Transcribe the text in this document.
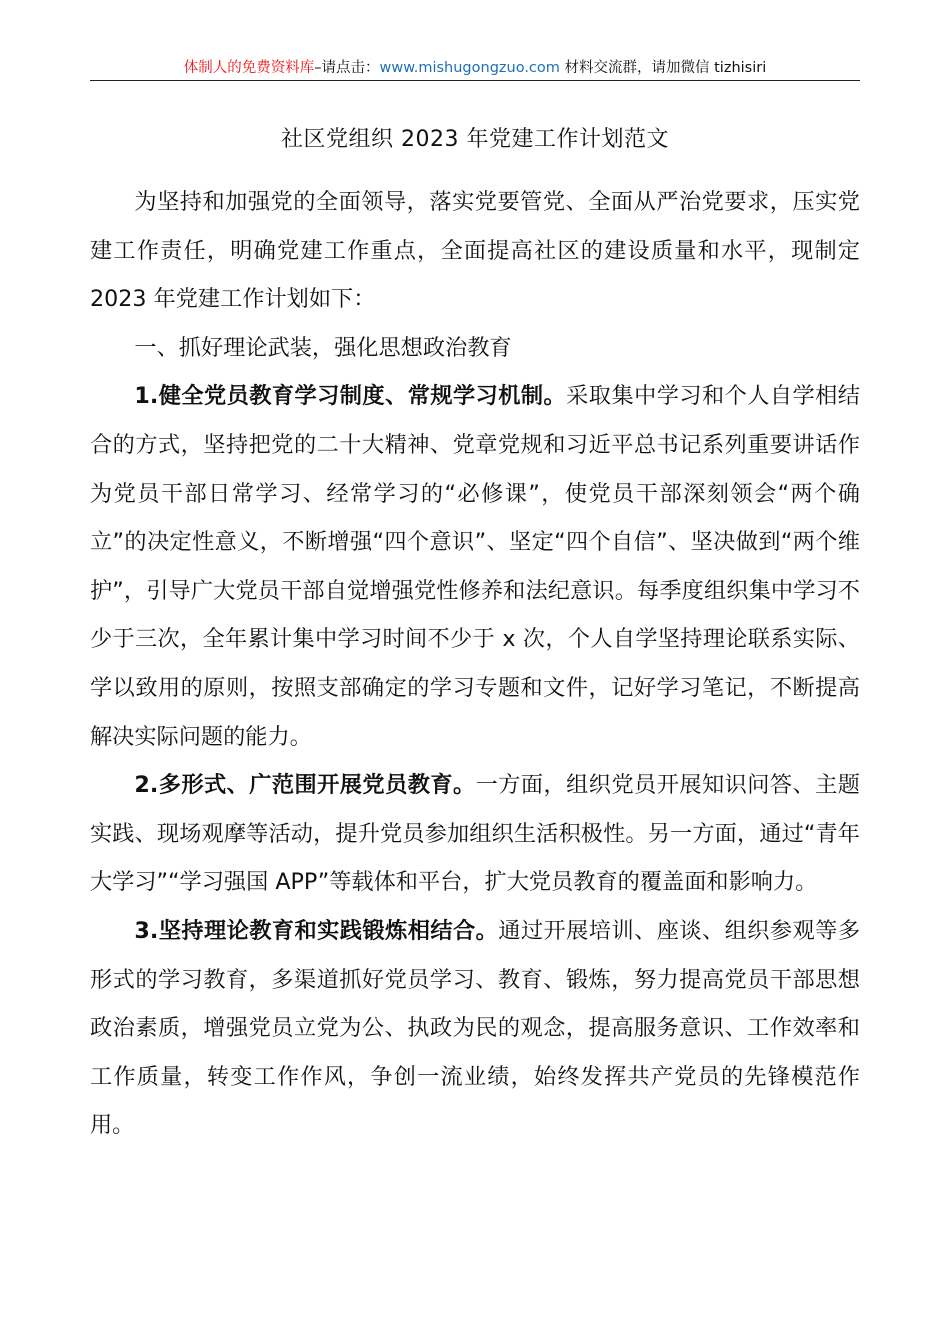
体制人的免费资料库–请点击：www.mishugongzuo.com 材料交流群，请加微信 tizhisiri
社区党组织 2023 年党建工作计划范文

为坚持和加强党的全面领导，落实党要管党、全面从严治党要求，压实党建工作责任，明确党建工作重点，全面提高社区的建设质量和水平，现制定 2023 年党建工作计划如下：

一、抓好理论武装，强化思想政治教育

1.健全党员教育学习制度、常规学习机制。采取集中学习和个人自学相结合的方式，坚持把党的二十大精神、党章党规和习近平总书记系列重要讲话作为党员干部日常学习、经常学习的“必修课”，使党员干部深刻领会“两个确立”的决定性意义，不断增强“四个意识”、坚定“四个自信”、坚决做到“两个维护”，引导广大党员干部自觉增强党性修养和法纪意识。每季度组织集中学习不少于三次，全年累计集中学习时间不少于 x 次，个人自学坚持理论联系实际、学以致用的原则，按照支部确定的学习专题和文件，记好学习笔记，不断提高解决实际问题的能力。

2.多形式、广范围开展党员教育。一方面，组织党员开展知识问答、主题实践、现场观摩等活动，提升党员参加组织生活积极性。另一方面，通过“青年大学习”“学习强国 APP”等载体和平台，扩大党员教育的覆盖面和影响力。

3.坚持理论教育和实践锻炼相结合。通过开展培训、座谈、组织参观等多形式的学习教育，多渠道抓好党员学习、教育、锻炼，努力提高党员干部思想政治素质，增强党员立党为公、执政为民的观念，提高服务意识、工作效率和工作质量，转变工作作风，争创一流业绩，始终发挥共产党员的先锋模范作用。
